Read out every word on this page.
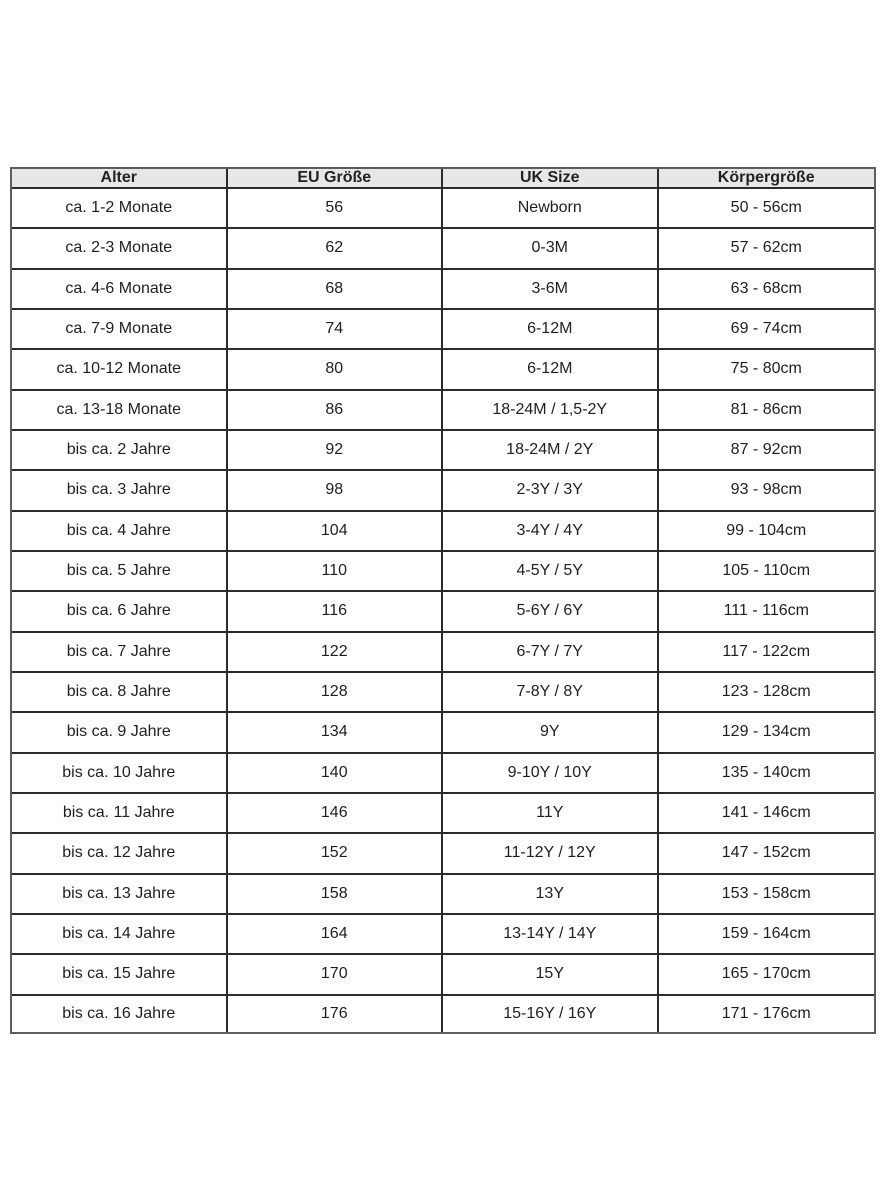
Alter	EU Größe	UK Size	Körpergröße
ca. 1-2 Monate	56	Newborn	50 - 56cm
ca. 2-3 Monate	62	0-3M	57 - 62cm
ca. 4-6 Monate	68	3-6M	63 - 68cm
ca. 7-9 Monate	74	6-12M	69 - 74cm
ca. 10-12 Monate	80	6-12M	75 - 80cm
ca. 13-18 Monate	86	18-24M / 1,5-2Y	81 - 86cm
bis ca. 2 Jahre	92	18-24M / 2Y	87 - 92cm
bis ca. 3 Jahre	98	2-3Y / 3Y	93 - 98cm
bis ca. 4 Jahre	104	3-4Y / 4Y	99 - 104cm
bis ca. 5 Jahre	110	4-5Y / 5Y	105 - 110cm
bis ca. 6 Jahre	116	5-6Y / 6Y	111 - 116cm
bis ca. 7 Jahre	122	6-7Y / 7Y	117 - 122cm
bis ca. 8 Jahre	128	7-8Y / 8Y	123 - 128cm
bis ca. 9 Jahre	134	9Y	129 - 134cm
bis ca. 10 Jahre	140	9-10Y / 10Y	135 - 140cm
bis ca. 11 Jahre	146	11Y	141 - 146cm
bis ca. 12 Jahre	152	11-12Y / 12Y	147 - 152cm
bis ca. 13 Jahre	158	13Y	153 - 158cm
bis ca. 14 Jahre	164	13-14Y / 14Y	159 - 164cm
bis ca. 15 Jahre	170	15Y	165 - 170cm
bis ca. 16 Jahre	176	15-16Y / 16Y	171 - 176cm
